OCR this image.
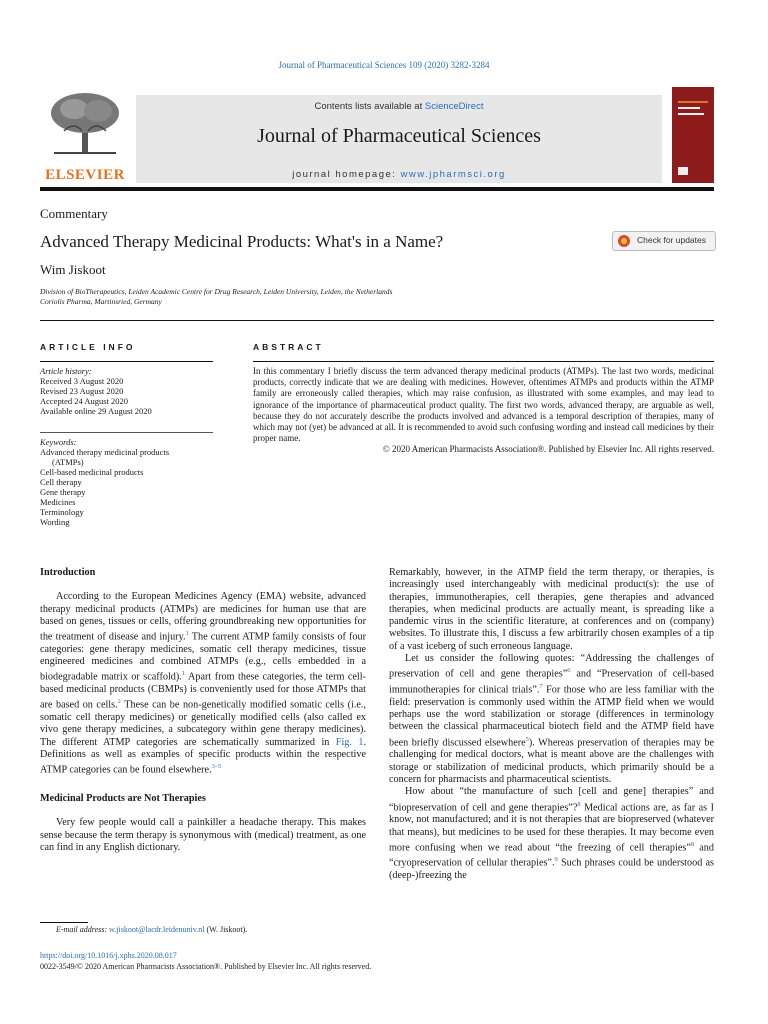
Journal of Pharmaceutical Sciences 109 (2020) 3282-3284
ELSEVIER
Contents lists available at ScienceDirect
Journal of Pharmaceutical Sciences
journal homepage: www.jpharmsci.org
Commentary
Advanced Therapy Medicinal Products: What's in a Name?	Check for updates
Wim Jiskoot
Division of BioTherapeutics, Leiden Academic Centre for Drug Research, Leiden University, Leiden, the Netherlands
Coriolis Pharma, Martinsried, Germany
ARTICLE INFO	ABSTRACT
Article history:
Received 3 August 2020
Revised 23 August 2020
Accepted 24 August 2020
Available online 29 August 2020
Keywords:
Advanced therapy medicinal products
(ATMPs)
Cell-based medicinal products
Cell therapy
Gene therapy
Medicines
Terminology
Wording
In this commentary I briefly discuss the term advanced therapy medicinal products (ATMPs). The last two words, medicinal products, correctly indicate that we are dealing with medicines. However, oftentimes ATMPs and products within the ATMP family are erroneously called therapies, which may raise confusion, as illustrated with some examples, and may lead to ignorance of the importance of pharmaceutical product quality. The first two words, advanced therapy, are arguable as well, because they do not accurately describe the products involved and advanced is a temporal description of therapies, many of which may not (yet) be advanced at all. It is recommended to avoid such confusing wording and instead call medicines by their proper name.
© 2020 American Pharmacists Association®. Published by Elsevier Inc. All rights reserved.
Introduction

According to the European Medicines Agency (EMA) website, advanced therapy medicinal products (ATMPs) are medicines for human use that are based on genes, tissues or cells, offering groundbreaking new opportunities for the treatment of disease and injury.$^1$ The current ATMP family consists of four categories: gene therapy medicines, somatic cell therapy medicines, tissue engineered medicines and combined ATMPs (e.g., cells embedded in a biodegradable matrix or scaffold).$^1$ Apart from these categories, the term cell-based medicinal products (CBMPs) is conveniently used for those ATMPs that are based on cells.$^2$ These can be non-genetically modified somatic cells (i.e., somatic cell therapy medicines) or genetically modified cells (also called ex vivo gene therapy medicines, a subcategory within gene therapy medicines). The different ATMP categories are schematically summarized in Fig. 1. Definitions as well as examples of specific products within the respective ATMP categories can be found elsewhere.$^{3-5}$

Medicinal Products are Not Therapies

Very few people would call a painkiller a headache therapy. This makes sense because the term therapy is synonymous with (medical) treatment, as one can find in any English dictionary.

Remarkably, however, in the ATMP field the term therapy, or therapies, is increasingly used interchangeably with medicinal product(s): the use of therapies, immunotherapies, cell therapies, gene therapies and advanced therapies, when medicinal products are actually meant, is spreading like a pandemic virus in the scientific literature, at conferences and on (company) websites. To illustrate this, I discuss a few arbitrarily chosen examples of a tip of a vast iceberg of such erroneous language.

Let us consider the following quotes: “Addressing the challenges of preservation of cell and gene therapies”$^6$ and “Preservation of cell-based immunotherapies for clinical trials”.$^7$ For those who are less familiar with the field: preservation is commonly used within the ATMP field when we would perhaps use the word stabilization or storage (differences in terminology between the classical pharmaceutical biotech field and the ATMP field have been briefly discussed elsewhere$^5$). Whereas preservation of therapies may be challenging for medical doctors, what is meant above are the challenges with storage or stabilization of medicinal products, which primarily should be a concern for pharmacists and pharmaceutical scientists.

How about “the manufacture of such [cell and gene] therapies” and “biopreservation of cell and gene therapies”?$^8$ Medical actions are, as far as I know, not manufactured; and it is not therapies that are biopreserved (whatever that means), but medicines to be used for these therapies. It may become even more confusing when we read about “the freezing of cell therapies”$^8$ and “cryopreservation of cellular therapies”.$^9$ Such phrases could be understood as (deep-)freezing the

E-mail address: w.jiskoot@lacdr.leidenuniv.nl (W. Jiskoot).
https://doi.org/10.1016/j.xphs.2020.08.017
0022-3549/© 2020 American Pharmacists Association®. Published by Elsevier Inc. All rights reserved.
